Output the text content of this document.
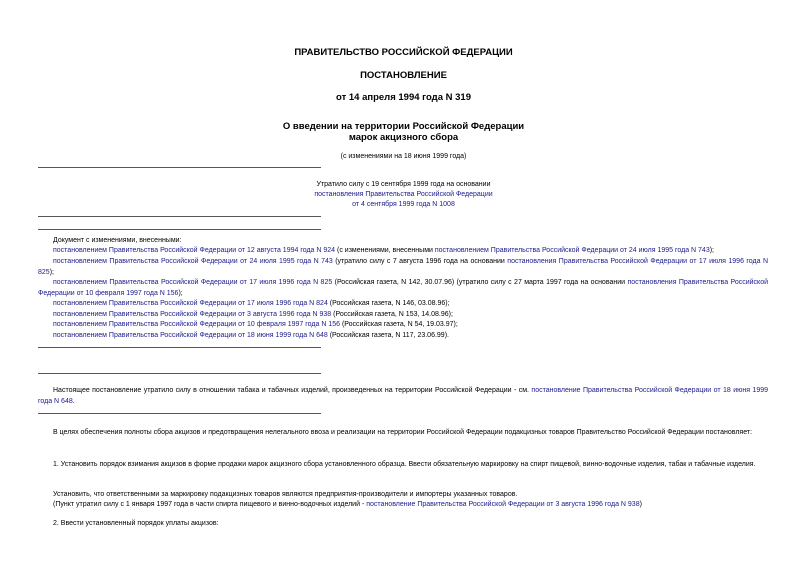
ПРАВИТЕЛЬСТВО РОССИЙСКОЙ ФЕДЕРАЦИИ
ПОСТАНОВЛЕНИЕ
от 14 апреля 1994 года N 319
О введении на территории Российской Федерации
марок акцизного сбора
(с изменениями на 18 июня 1999 года)
Утратило силу с 19 сентября 1999 года на основании
постановления Правительства Российской Федерации
от 4 сентября 1999 года N 1008
Документ с изменениями, внесенными:
постановлением Правительства Российской Федерации от 12 августа 1994 года N 924 (с изменениями, внесенными постановлением Правительства Российской Федерации от 24 июля 1995 года N 743);
постановлением Правительства Российской Федерации от 24 июля 1995 года N 743 (утратило силу с 7 августа 1996 года на основании постановления Правительства Российской Федерации от 17 июля 1996 года N 825);
постановлением Правительства Российской Федерации от 17 июля 1996 года N 825 (Российская газета, N 142, 30.07.96) (утратило силу с 27 марта 1997 года на основании постановления Правительства Российской Федерации от 10 февраля 1997 года N 156);
постановлением Правительства Российской Федерации от 17 июля 1996 года N 824 (Российская газета, N 146, 03.08.96);
постановлением Правительства Российской Федерации от 3 августа 1996 года N 938 (Российская газета, N 153, 14.08.96);
постановлением Правительства Российской Федерации от 10 февраля 1997 года N 156 (Российская газета, N 54, 19.03.97);
постановлением Правительства Российской Федерации от 18 июня 1999 года N 648 (Российская газета, N 117, 23.06.99).
Настоящее постановление утратило силу в отношении табака и табачных изделий, произведенных на территории Российской Федерации - см. постановление Правительства Российской Федерации от 18 июня 1999 года N 648.
В целях обеспечения полноты сбора акцизов и предотвращения нелегального ввоза и реализации на территории Российской Федерации подакцизных товаров Правительство Российской Федерации постановляет:
1. Установить порядок взимания акцизов в форме продажи марок акцизного сбора установленного образца. Ввести обязательную маркировку на спирт пищевой, винно-водочные изделия, табак и табачные изделия.
Установить, что ответственными за маркировку подакцизных товаров являются предприятия-производители и импортеры указанных товаров.
(Пункт утратил силу с 1 января 1997 года в части спирта пищевого и винно-водочных изделий - постановление Правительства Российской Федерации от 3 августа 1996 года N 938)
2. Ввести установленный порядок уплаты акцизов:
